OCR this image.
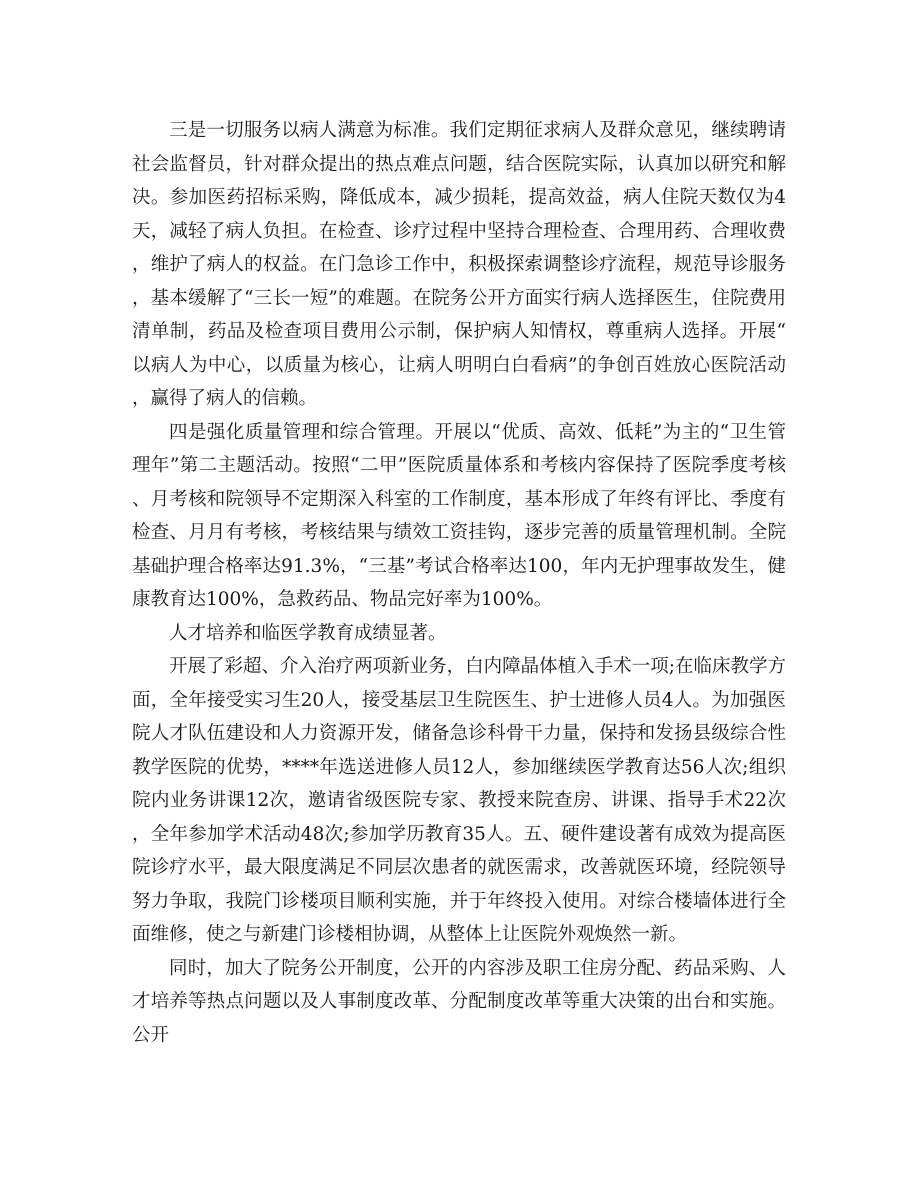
三是一切服务以病人满意为标准。我们定期征求病人及群众意见，继续聘请社会监督员，针对群众提出的热点难点问题，结合医院实际，认真加以研究和解决。参加医药招标采购，降低成本，减少损耗，提高效益，病人住院天数仅为4天，减轻了病人负担。在检查、诊疗过程中坚持合理检查、合理用药、合理收费，维护了病人的权益。在门急诊工作中，积极探索调整诊疗流程，规范导诊服务，基本缓解了“三长一短”的难题。在院务公开方面实行病人选择医生，住院费用清单制，药品及检查项目费用公示制，保护病人知情权，尊重病人选择。开展“以病人为中心，以质量为核心，让病人明明白白看病”的争创百姓放心医院活动，赢得了病人的信赖。

四是强化质量管理和综合管理。开展以“优质、高效、低耗”为主的“卫生管理年”第二主题活动。按照“二甲”医院质量体系和考核内容保持了医院季度考核、月考核和院领导不定期深入科室的工作制度，基本形成了年终有评比、季度有检查、月月有考核，考核结果与绩效工资挂钩，逐步完善的质量管理机制。全院基础护理合格率达91.3%，“三基”考试合格率达100，年内无护理事故发生，健康教育达100%，急救药品、物品完好率为100%。

人才培养和临医学教育成绩显著。

开展了彩超、介入治疗两项新业务，白内障晶体植入手术一项;在临床教学方面，全年接受实习生20人，接受基层卫生院医生、护士进修人员4人。为加强医院人才队伍建设和人力资源开发，储备急诊科骨干力量，保持和发扬县级综合性教学医院的优势，****年选送进修人员12人，参加继续医学教育达56人次;组织院内业务讲课12次，邀请省级医院专家、教授来院查房、讲课、指导手术22次，全年参加学术活动48次;参加学历教育35人。五、硬件建设著有成效为提高医院诊疗水平，最大限度满足不同层次患者的就医需求，改善就医环境，经院领导努力争取，我院门诊楼项目顺利实施，并于年终投入使用。对综合楼墙体进行全面维修，使之与新建门诊楼相协调，从整体上让医院外观焕然一新。

同时，加大了院务公开制度，公开的内容涉及职工住房分配、药品采购、人才培养等热点问题以及人事制度改革、分配制度改革等重大决策的出台和实施。公开
